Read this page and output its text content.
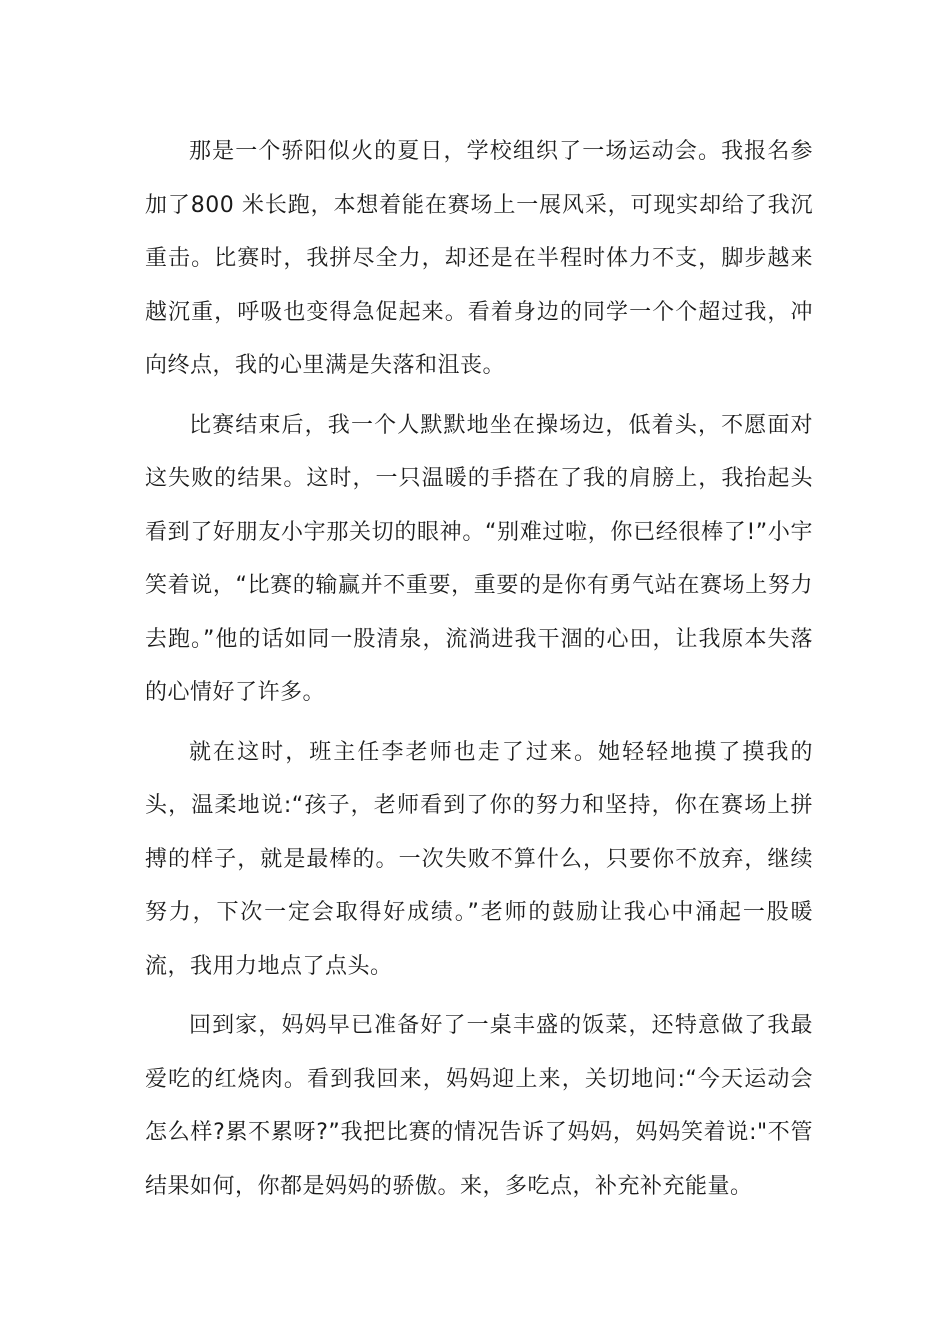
那是一个骄阳似火的夏日，学校组织了一场运动会。我报名参加了800 米长跑，本想着能在赛场上一展风采，可现实却给了我沉重击。比赛时，我拼尽全力，却还是在半程时体力不支，脚步越来越沉重，呼吸也变得急促起来。看着身边的同学一个个超过我，冲向终点，我的心里满是失落和沮丧。

比赛结束后，我一个人默默地坐在操场边，低着头，不愿面对这失败的结果。这时，一只温暖的手搭在了我的肩膀上，我抬起头看到了好朋友小宇那关切的眼神。“别难过啦，你已经很棒了!”小宇笑着说，“比赛的输赢并不重要，重要的是你有勇气站在赛场上努力去跑。”他的话如同一股清泉，流淌进我干涸的心田，让我原本失落的心情好了许多。

就在这时，班主任李老师也走了过来。她轻轻地摸了摸我的头，温柔地说:“孩子，老师看到了你的努力和坚持，你在赛场上拼搏的样子，就是最棒的。一次失败不算什么，只要你不放弃，继续努力，下次一定会取得好成绩。”老师的鼓励让我心中涌起一股暖流，我用力地点了点头。

回到家，妈妈早已准备好了一桌丰盛的饭菜，还特意做了我最爱吃的红烧肉。看到我回来，妈妈迎上来，关切地问:“今天运动会怎么样?累不累呀?”我把比赛的情况告诉了妈妈，妈妈笑着说:"不管结果如何，你都是妈妈的骄傲。来，多吃点，补充补充能量。
